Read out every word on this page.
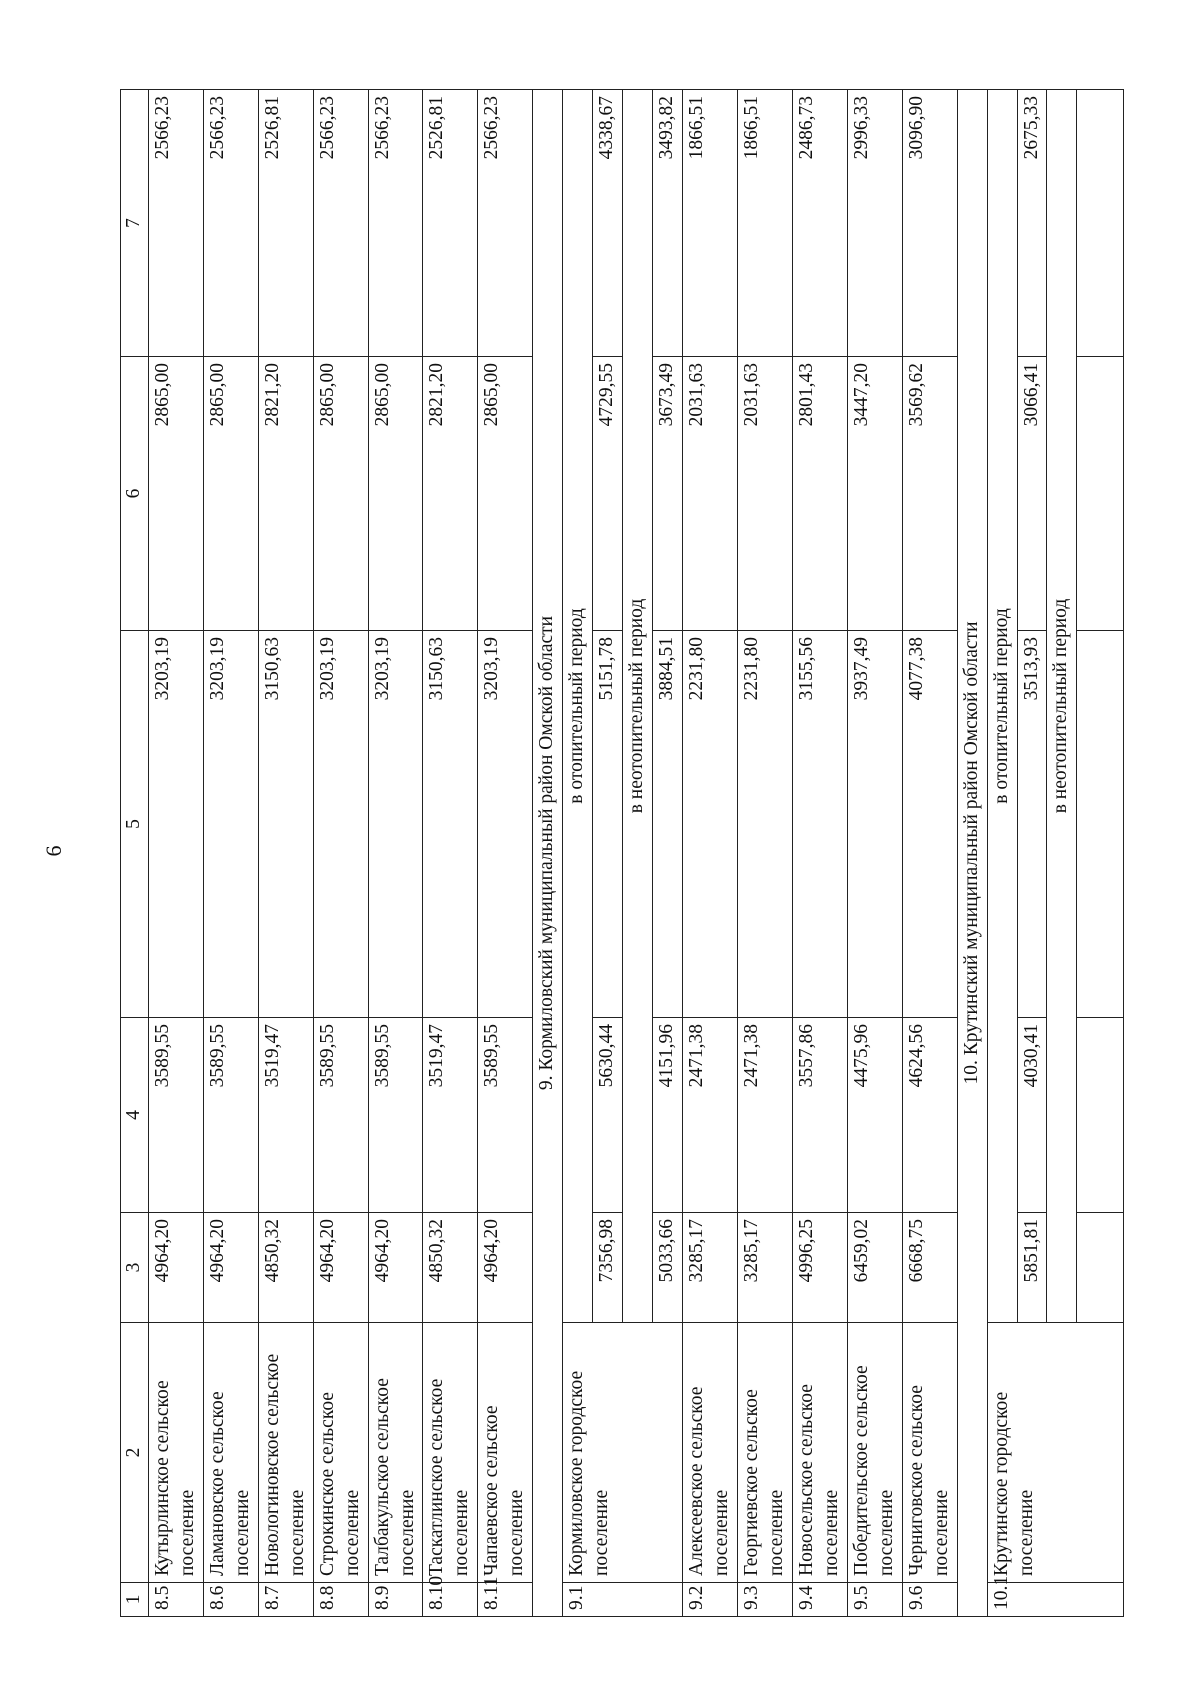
6
1	2	3	4	5	6	7
8.5	Кутырлинское сельское поселение	4964,20	3589,55	3203,19	2865,00	2566,23
8.6	Ламановское сельское поселение	4964,20	3589,55	3203,19	2865,00	2566,23
8.7	Новологиновское сельское поселение	4850,32	3519,47	3150,63	2821,20	2526,81
8.8	Строкинское сельское поселение	4964,20	3589,55	3203,19	2865,00	2566,23
8.9	Талбакульское сельское поселение	4964,20	3589,55	3203,19	2865,00	2566,23
8.10	Таскатлинское сельское поселение	4850,32	3519,47	3150,63	2821,20	2526,81
8.11	Чапаевское сельское поселение	4964,20	3589,55	3203,19	2865,00	2566,23
9. Кормиловский муниципальный район Омской области						
9.1	Кормиловское городское поселение	в отопительный период				
		7356,98	5630,44	5151,78	4729,55	4338,67
		в неотопительный период				
		5033,66	4151,96	3884,51	3673,49	3493,82
9.2	Алексеевское сельское поселение	3285,17	2471,38	2231,80	2031,63	1866,51
9.3	Георгиевское сельское поселение	3285,17	2471,38	2231,80	2031,63	1866,51
9.4	Новосельское сельское поселение	4996,25	3557,86	3155,56	2801,43	2486,73
9.5	Победительское сельское поселение	6459,02	4475,96	3937,49	3447,20	2996,33
9.6	Черниговское сельское поселение	6668,75	4624,56	4077,38	3569,62	3096,90
10. Крутинский муниципальный район Омской области						
10.1	Крутинское городское поселение	в отопительный период				
		5851,81	4030,41	3513,93	3066,41	2675,33
		в неотопительный период				
